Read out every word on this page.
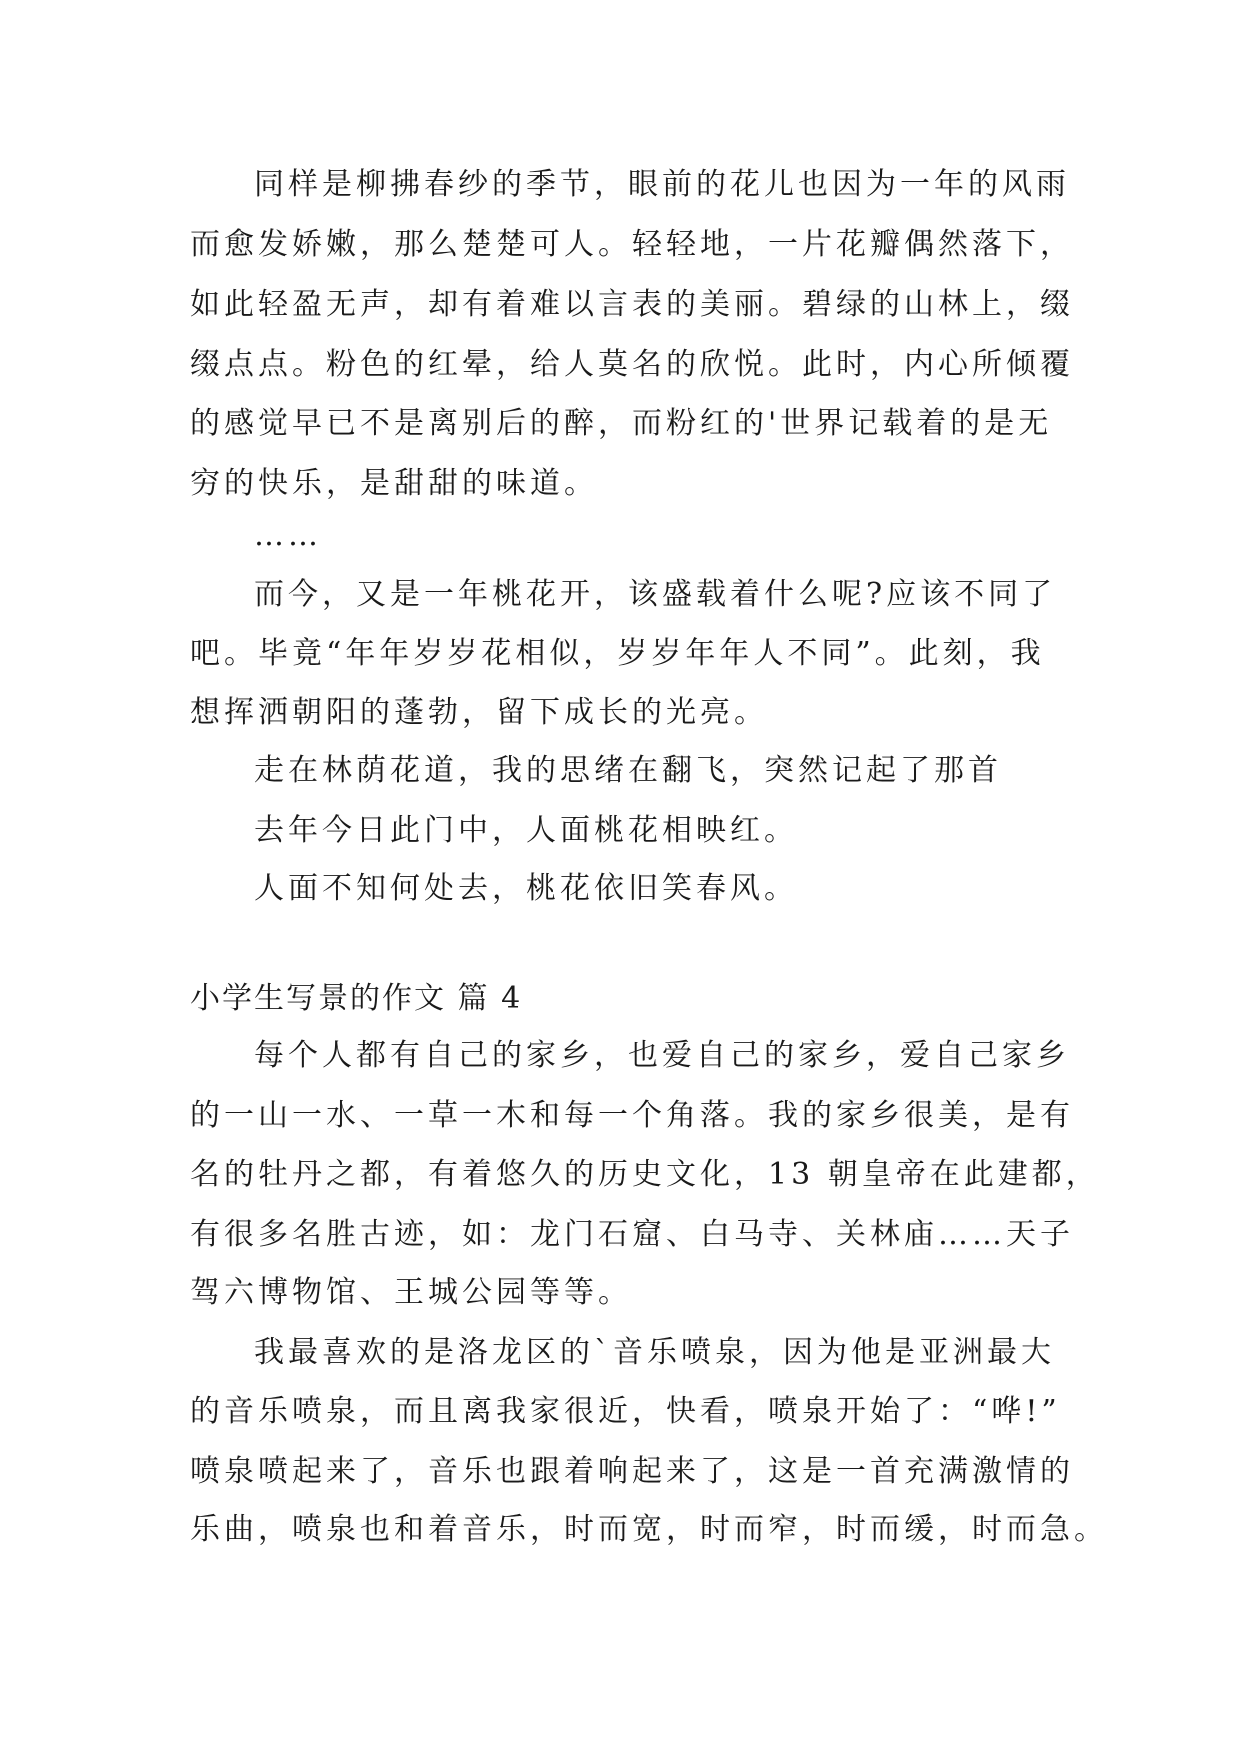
同样是柳拂春纱的季节，眼前的花儿也因为一年的风雨
而愈发娇嫩，那么楚楚可人。轻轻地，一片花瓣偶然落下，
如此轻盈无声，却有着难以言表的美丽。碧绿的山林上，缀
缀点点。粉色的红晕，给人莫名的欣悦。此时，内心所倾覆
的感觉早已不是离别后的醉，而粉红的'世界记载着的是无
穷的快乐，是甜甜的味道。
……
而今，又是一年桃花开，该盛载着什么呢?应该不同了
吧。毕竟“年年岁岁花相似，岁岁年年人不同”。此刻，我
想挥洒朝阳的蓬勃，留下成长的光亮。
走在林荫花道，我的思绪在翻飞，突然记起了那首
去年今日此门中，人面桃花相映红。
人面不知何处去，桃花依旧笑春风。
小学生写景的作文 篇 4
每个人都有自己的家乡，也爱自己的家乡，爱自己家乡
的一山一水、一草一木和每一个角落。我的家乡很美，是有
名的牡丹之都，有着悠久的历史文化，13 朝皇帝在此建都，
有很多名胜古迹，如：龙门石窟、白马寺、关林庙……天子
驾六博物馆、王城公园等等。
我最喜欢的是洛龙区的`音乐喷泉，因为他是亚洲最大
的音乐喷泉，而且离我家很近，快看，喷泉开始了：“哗!”
喷泉喷起来了，音乐也跟着响起来了，这是一首充满激情的
乐曲，喷泉也和着音乐，时而宽，时而窄，时而缓，时而急。
